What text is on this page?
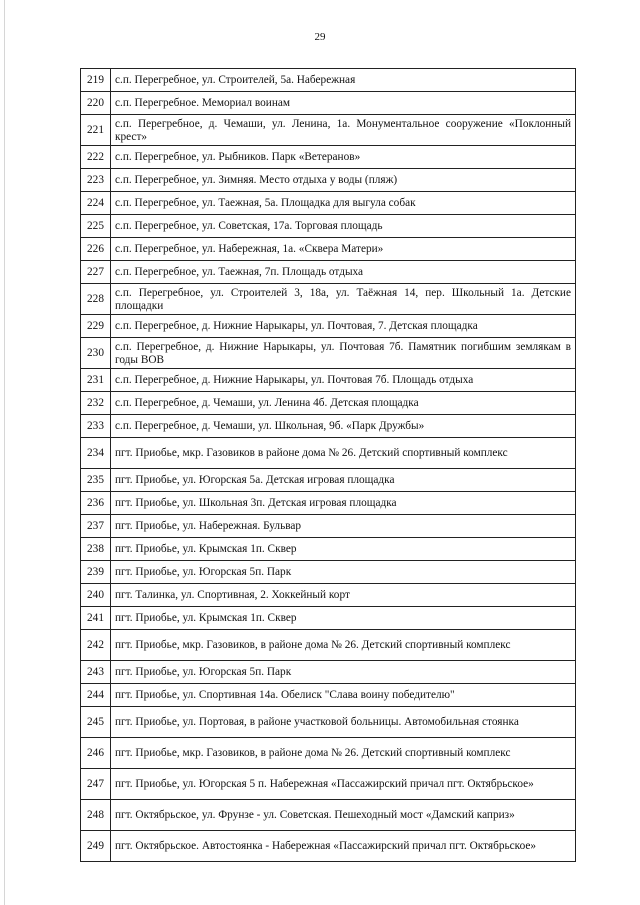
29
219	с.п. Перегребное, ул. Строителей, 5а. Набережная
220	с.п. Перегребное. Мемориал воинам
221	с.п. Перегребное, д. Чемаши, ул. Ленина, 1а. Монументальное сооружение «Поклонный крест»
222	с.п. Перегребное, ул. Рыбников. Парк «Ветеранов»
223	с.п. Перегребное, ул. Зимняя. Место отдыха у воды (пляж)
224	с.п. Перегребное, ул. Таежная, 5а. Площадка для выгула собак
225	с.п. Перегребное, ул. Советская, 17а. Торговая площадь
226	с.п. Перегребное, ул. Набережная, 1а. «Сквера Матери»
227	с.п. Перегребное, ул. Таежная, 7п. Площадь отдыха
228	с.п. Перегребное, ул. Строителей 3, 18а, ул. Таёжная 14, пер. Школьный 1а. Детские площадки
229	с.п. Перегребное, д. Нижние Нарыкары, ул. Почтовая, 7. Детская площадка
230	с.п. Перегребное, д. Нижние Нарыкары, ул. Почтовая 7б. Памятник погибшим землякам в годы ВОВ
231	с.п. Перегребное, д. Нижние Нарыкары, ул. Почтовая 7б. Площадь отдыха
232	с.п. Перегребное, д. Чемаши, ул. Ленина 4б. Детская площадка
233	с.п. Перегребное, д. Чемаши, ул. Школьная, 9б. «Парк Дружбы»
234	пгт. Приобье, мкр. Газовиков в районе дома № 26. Детский спортивный комплекс
235	пгт. Приобье, ул. Югорская 5а. Детская игровая площадка
236	пгт. Приобье, ул. Школьная 3п. Детская игровая площадка
237	пгт. Приобье, ул. Набережная. Бульвар
238	пгт. Приобье, ул. Крымская 1п. Сквер
239	пгт. Приобье, ул. Югорская 5п. Парк
240	пгт. Талинка, ул. Спортивная, 2. Хоккейный корт
241	пгт. Приобье, ул. Крымская 1п. Сквер
242	пгт. Приобье, мкр. Газовиков, в районе дома № 26. Детский спортивный комплекс
243	пгт. Приобье, ул. Югорская 5п. Парк
244	пгт. Приобье, ул. Спортивная 14а. Обелиск "Слава воину победителю"
245	пгт. Приобье, ул. Портовая, в районе участковой больницы. Автомобильная стоянка
246	пгт. Приобье, мкр. Газовиков, в районе дома № 26. Детский спортивный комплекс
247	пгт. Приобье, ул. Югорская 5 п. Набережная «Пассажирский причал пгт. Октябрьское»
248	пгт. Октябрьское, ул. Фрунзе - ул. Советская. Пешеходный мост «Дамский каприз»
249	пгт. Октябрьское. Автостоянка - Набережная «Пассажирский причал пгт. Октябрьское»
